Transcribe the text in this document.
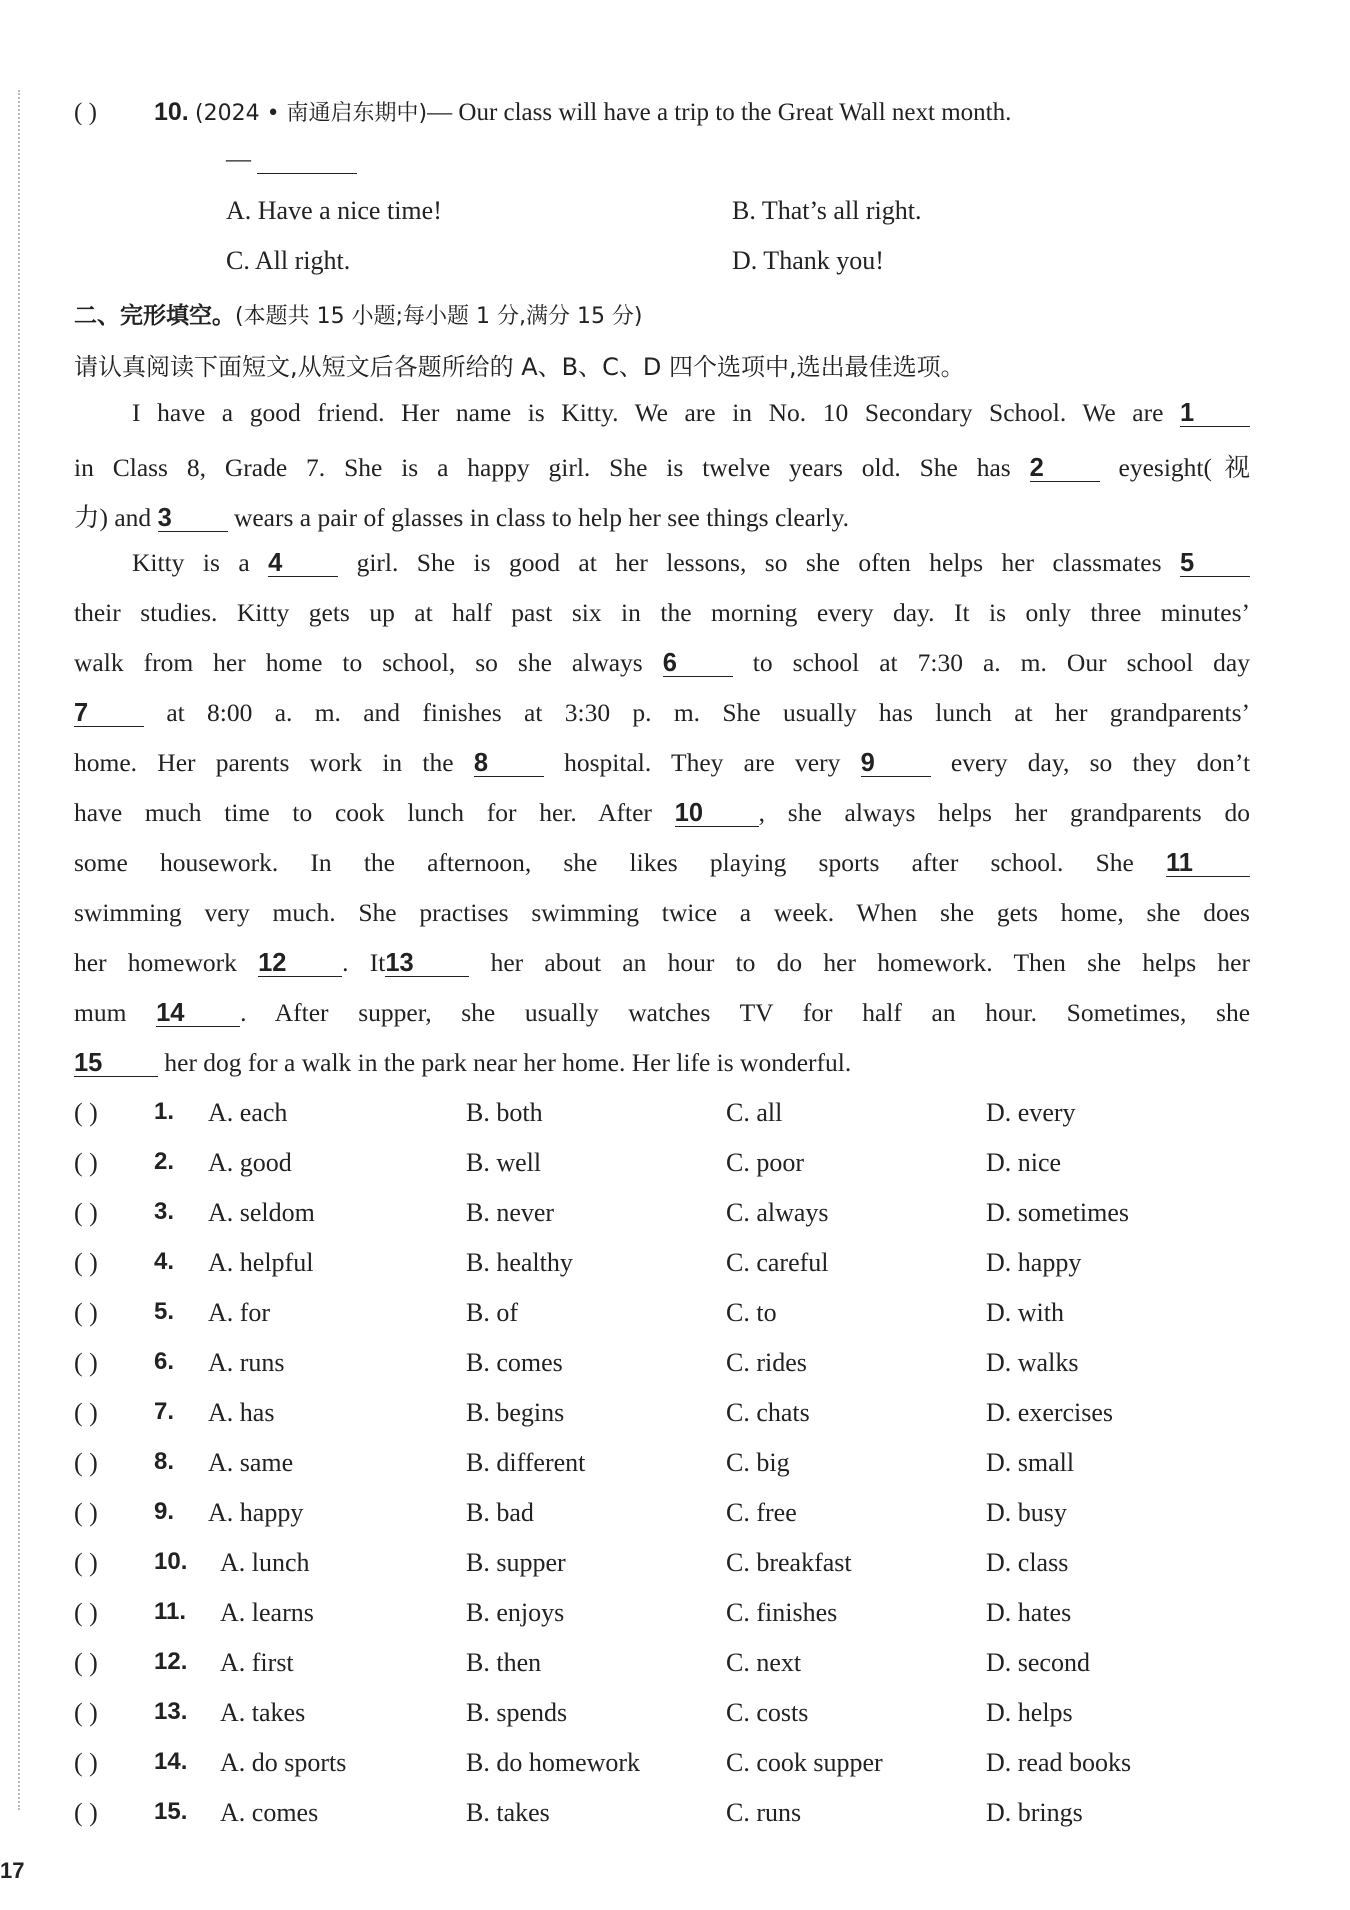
( ) 10. (2024 • 南通启东期中)— Our class will have a trip to the Great Wall next month.
—
A. Have a nice time!	B. That’s all right.
C. All right.	D. Thank you!
二、完形填空。(本题共 15 小题;每小题 1 分,满分 15 分)
请认真阅读下面短文,从短文后各题所给的 A、B、C、D 四个选项中,选出最佳选项。
I have a good friend. Her name is Kitty. We are in No. 10 Secondary School. We are 1
in Class 8, Grade 7. She is a happy girl. She is twelve years old. She has 2	eyesight(视
力) and 3 wears a pair of glasses in class to help her see things clearly.
Kitty is a 4	girl. She is good at her lessons, so she often helps her classmates 5
their studies. Kitty gets up at half past six in the morning every day. It is only three minutes’
walk from her home to school, so she always 6	to school at 7:30 a. m. Our school day
7	at 8:00 a. m. and finishes at 3:30 p. m. She usually has lunch at her grandparents’
home. Her parents work in the 8	hospital. They are very 9	every day, so they don’t
have much time to cook lunch for her. After 10 , she always helps her grandparents do
some housework. In the afternoon, she likes playing sports after school. She 11
swimming very much. She practises swimming twice a week. When she gets home, she does
her homework 12 . It13	her about an hour to do her homework. Then she helps her
mum 14 . After supper, she usually watches TV for half an hour. Sometimes, she
15 her dog for a walk in the park near her home. Her life is wonderful.
( ) 1. A. each	B. both	C. all	D. every
( ) 2. A. good	B. well	C. poor	D. nice
( ) 3. A. seldom	B. never	C. always	D. sometimes
( ) 4. A. helpful	B. healthy	C. careful	D. happy
( ) 5. A. for	B. of	C. to	D. with
( ) 6. A. runs	B. comes	C. rides	D. walks
( ) 7. A. has	B. begins	C. chats	D. exercises
( ) 8. A. same	B. different	C. big	D. small
( ) 9. A. happy	B. bad	C. free	D. busy
( ) 10. A. lunch	B. supper	C. breakfast	D. class
( ) 11. A. learns	B. enjoys	C. finishes	D. hates
( ) 12. A. first	B. then	C. next	D. second
( ) 13. A. takes	B. spends	C. costs	D. helps
( ) 14. A. do sports	B. do homework	C. cook supper	D. read books
( ) 15. A. comes	B. takes	C. runs	D. brings
17
